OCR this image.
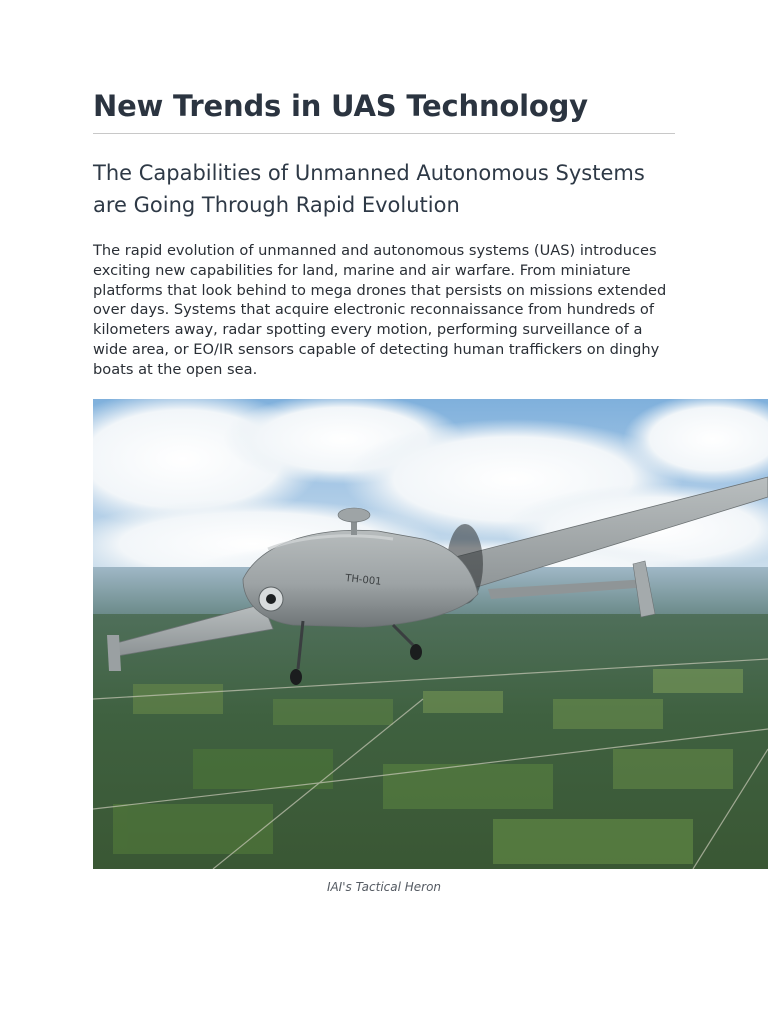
New Trends in UAS Technology
The Capabilities of Unmanned Autonomous Systems are Going Through Rapid Evolution

The rapid evolution of unmanned and autonomous systems (UAS) introduces exciting new capabilities for land, marine and air warfare. From miniature platforms that look behind to mega drones that persists on missions extended over days. Systems that acquire electronic reconnaissance from hundreds of kilometers away, radar spotting every motion, performing surveillance of a wide area, or EO/IR sensors capable of detecting human traffickers on dinghy boats at the open sea.

TH-001
IAI's Tactical Heron
